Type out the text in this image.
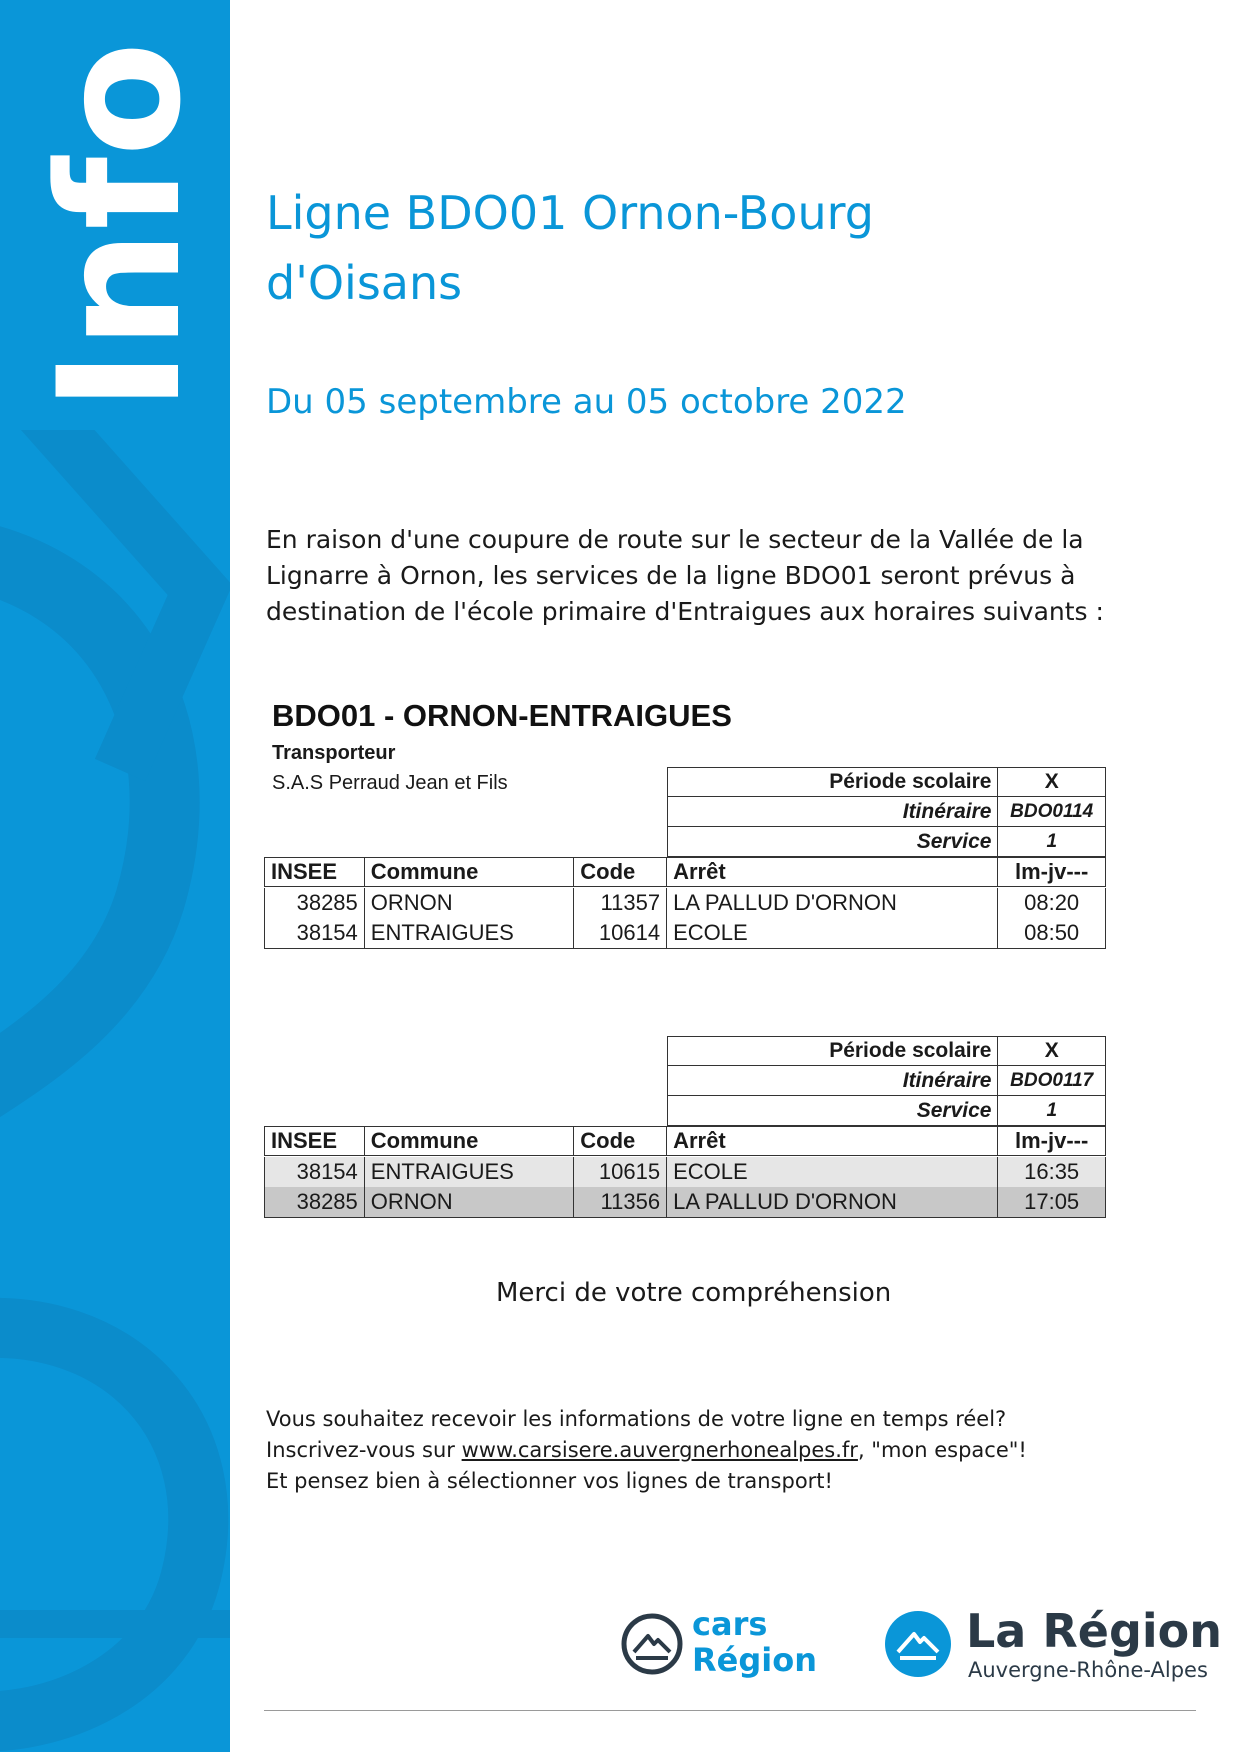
Info Ligne BDO01 Ornon-Bourg
d'Oisans
Du 05 septembre au 05 octobre 2022
En raison d'une coupure de route sur le secteur de la Vallée de la
Lignarre à Ornon, les services de la ligne BDO01 seront prévus à
destination de l'école primaire d'Entraigues aux horaires suivants :
BDO01 - ORNON-ENTRAIGUES
Transporteur
S.A.S Perraud Jean et Fils	Période scolaire	X
Itinéraire BDO0114
Service	1
INSEE	Commune	Code	Arrêt	lm-jv---
38285 ORNON	11357 LA PALLUD D'ORNON	08:20
38154 ENTRAIGUES	10614 ECOLE	08:50
Période scolaire	X
Itinéraire BDO0117
Service	1
INSEE	Commune	Code	Arrêt	lm-jv---
38154 ENTRAIGUES	10615 ECOLE	16:35
38285 ORNON	11356 LA PALLUD D'ORNON	17:05
Merci de votre compréhension
Vous souhaitez recevoir les informations de votre ligne en temps réel?
Inscrivez-vous sur www.carsisere.auvergnerhonealpes.fr, "mon espace"!
Et pensez bien à sélectionner vos lignes de transport!
cars
Région
La Région
Auvergne-Rhône-Alpes
